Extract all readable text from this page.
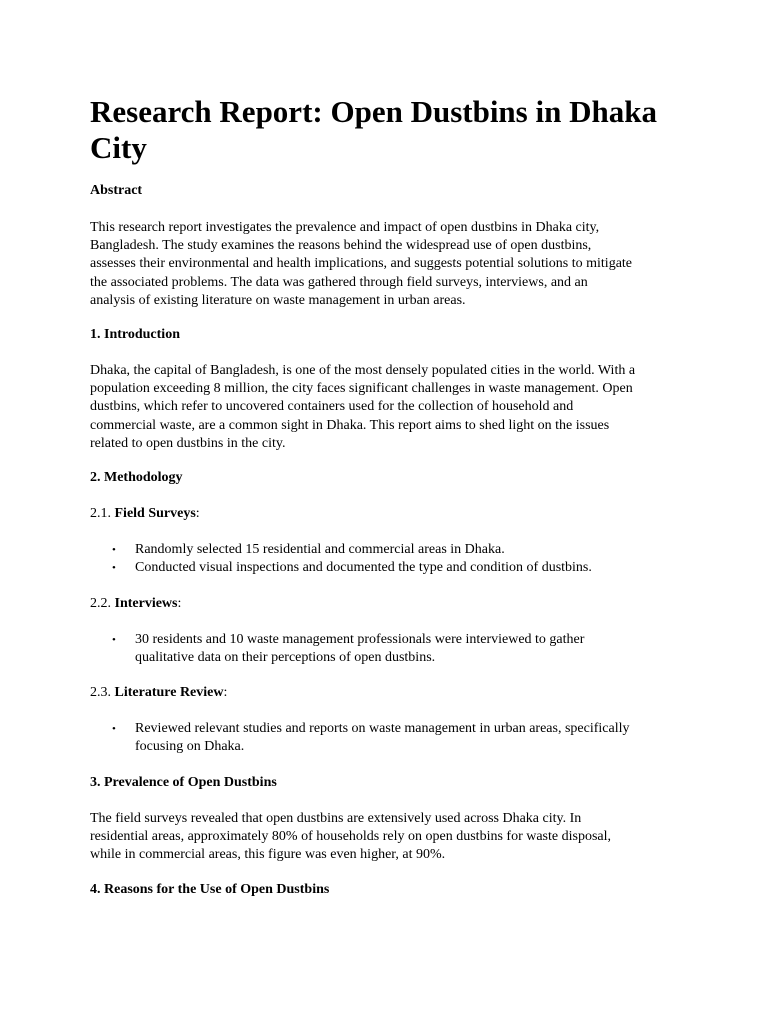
Research Report: Open Dustbins in Dhaka
City
Abstract

This research report investigates the prevalence and impact of open dustbins in Dhaka city,
Bangladesh. The study examines the reasons behind the widespread use of open dustbins,
assesses their environmental and health implications, and suggests potential solutions to mitigate
the associated problems. The data was gathered through field surveys, interviews, and an
analysis of existing literature on waste management in urban areas.

1. Introduction

Dhaka, the capital of Bangladesh, is one of the most densely populated cities in the world. With a
population exceeding 8 million, the city faces significant challenges in waste management. Open
dustbins, which refer to uncovered containers used for the collection of household and
commercial waste, are a common sight in Dhaka. This report aims to shed light on the issues
related to open dustbins in the city.

2. Methodology
2.1. Field Surveys:
• Randomly selected 15 residential and commercial areas in Dhaka.
• Conducted visual inspections and documented the type and condition of dustbins.
2.2. Interviews:
• 30 residents and 10 waste management professionals were interviewed to gather
qualitative data on their perceptions of open dustbins.
2.3. Literature Review:
• Reviewed relevant studies and reports on waste management in urban areas, specifically
focusing on Dhaka.
3. Prevalence of Open Dustbins

The field surveys revealed that open dustbins are extensively used across Dhaka city. In
residential areas, approximately 80% of households rely on open dustbins for waste disposal,
while in commercial areas, this figure was even higher, at 90%.

4. Reasons for the Use of Open Dustbins
